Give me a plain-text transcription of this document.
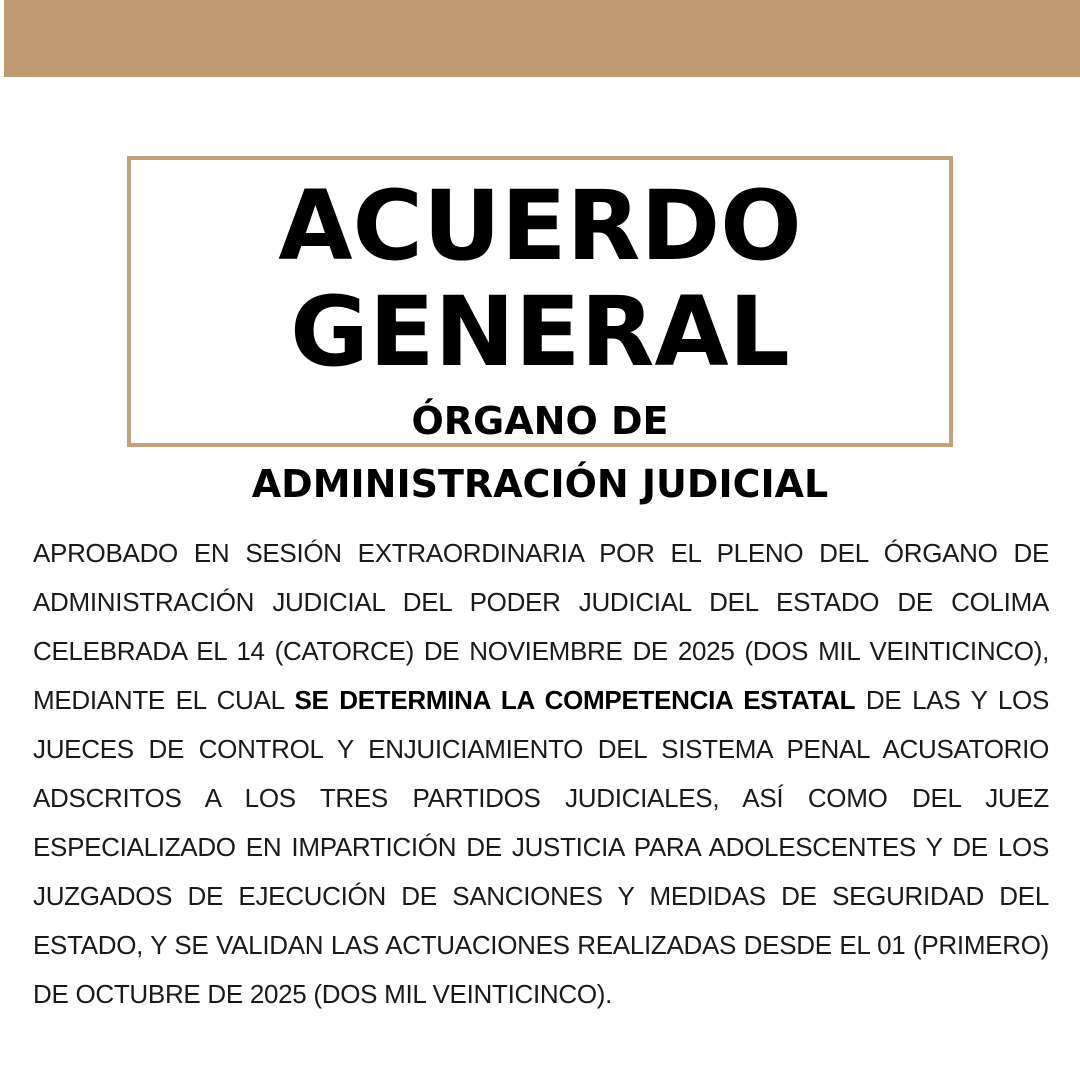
ACUERDO
GENERAL
ÓRGANO DE
ADMINISTRACIÓN JUDICIAL

APROBADO EN SESIÓN EXTRAORDINARIA POR EL PLENO DEL ÓRGANO DE ADMINISTRACIÓN JUDICIAL DEL PODER JUDICIAL DEL ESTADO DE COLIMA CELEBRADA EL 14 (CATORCE) DE NOVIEMBRE DE 2025 (DOS MIL VEINTICINCO), MEDIANTE EL CUAL SE DETERMINA LA COMPETENCIA ESTATAL DE LAS Y LOS JUECES DE CONTROL Y ENJUICIAMIENTO DEL SISTEMA PENAL ACUSATORIO ADSCRITOS A LOS TRES PARTIDOS JUDICIALES, ASÍ COMO DEL JUEZ ESPECIALIZADO EN IMPARTICIÓN DE JUSTICIA PARA ADOLESCENTES Y DE LOS JUZGADOS DE EJECUCIÓN DE SANCIONES Y MEDIDAS DE SEGURIDAD DEL ESTADO, Y SE VALIDAN LAS ACTUACIONES REALIZADAS DESDE EL 01 (PRIMERO) DE OCTUBRE DE 2025 (DOS MIL VEINTICINCO).
